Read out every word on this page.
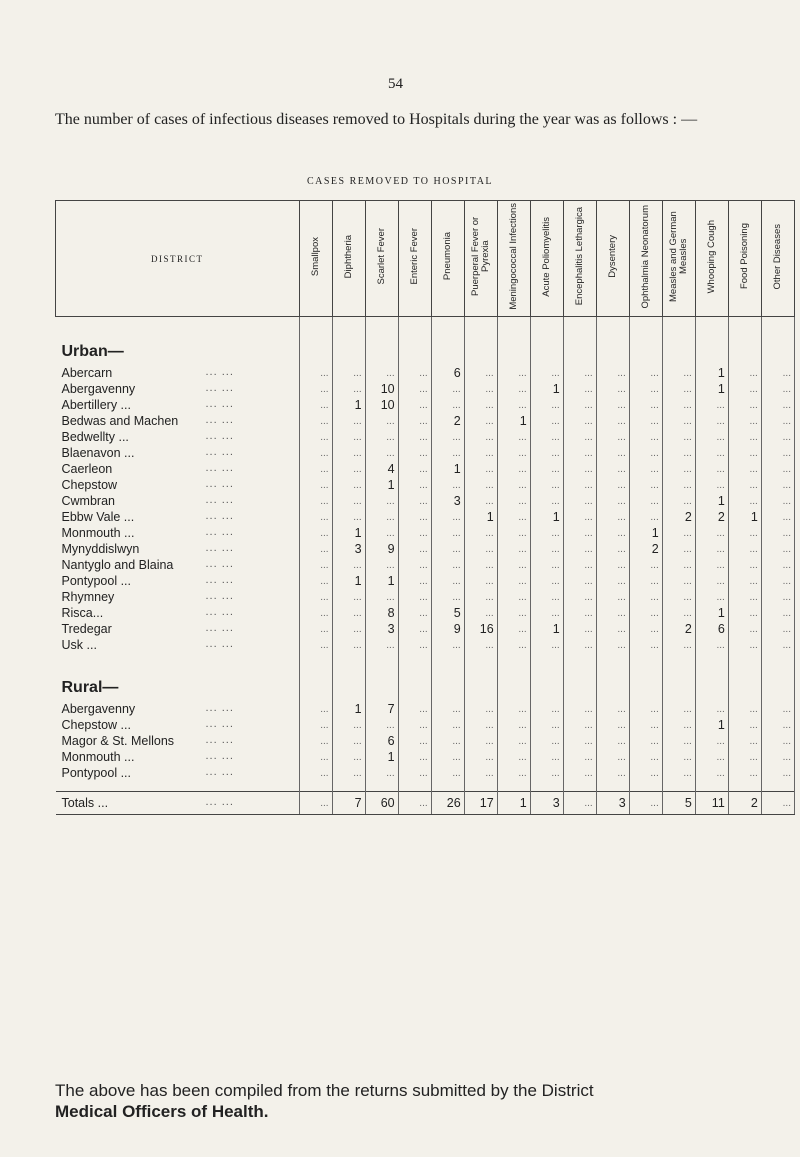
54
The number of cases of infectious diseases removed to Hospitals during the year was as follows : —
CASES REMOVED TO HOSPITAL
DISTRICT	Smallpox	Diphtheria	Scarlet Fever	Enteric Fever	Pneumonia	Puerperal Fever or Pyrexia	Meningococcal Infections	Acute Poliomyelitis	Encephalitis Lethargica	Dysentery	Ophthalmia Neonatorum	Measles and German Measles	Whooping Cough	Food Poisoning	Other Diseases
Urban—															
Abercarn ... ...	...	...	...	...	6	...	...	...	...	...	...	...	1	...	...
Abergavenny ... ...	...	...	10	...	...	...	...	1	...	...	...	...	1	...	...
Abertillery ... ... ...	...	1	10	...	...	...	...	...	...	...	...	...	...	...	...
Bedwas and Machen ... ...	...	...	...	...	2	...	1	...	...	...	...	...	...	...	...
Bedwellty ... ... ...	...	...	...	...	...	...	...	...	...	...	...	...	...	...	...
Blaenavon ... ... ...	...	...	...	...	...	...	...	...	...	...	...	...	...	...	...
Caerleon ... ...	...	...	4	...	1	...	...	...	...	...	...	...	...	...	...
Chepstow ... ...	...	...	1	...	...	...	...	...	...	...	...	...	...	...	...
Cwmbran ... ...	...	...	...	...	3	...	...	...	...	...	...	...	1	...	...
Ebbw Vale ... ... ...	...	...	...	...	...	1	...	1	...	...	...	2	2	1	...
Monmouth ... ... ...	...	1	...	...	...	...	...	...	...	...	1	...	...	...	...
Mynyddislwyn ... ...	...	3	9	...	...	...	...	...	...	...	2	...	...	...	...
Nantyglo and Blaina ... ...	...	...	...	...	...	...	...	...	...	...	...	...	...	...	...
Pontypool ... ... ...	...	1	1	...	...	...	...	...	...	...	...	...	...	...	...
Rhymney ... ...	...	...	...	...	...	...	...	...	...	...	...	...	...	...	...
Risca... ... ...	...	...	8	...	5	...	...	...	...	...	...	...	1	...	...
Tredegar ... ...	...	...	3	...	9	16	...	1	...	...	...	2	6	...	...
Usk ... ... ...	...	...	...	...	...	...	...	...	...	...	...	...	...	...	...
Rural—															
Abergavenny ... ...	...	1	7	...	...	...	...	...	...	...	...	...	...	...	...
Chepstow ... ... ...	...	...	...	...	...	...	...	...	...	...	...	...	1	...	...
Magor & St. Mellons ... ...	...	...	6	...	...	...	...	...	...	...	...	...	...	...	...
Monmouth ... ... ...	...	...	1	...	...	...	...	...	...	...	...	...	...	...	...
Pontypool ... ... ...	...	...	...	...	...	...	...	...	...	...	...	...	...	...	...

Totals ... ... ...	...	7	60	...	26	17	1	3	...	3	...	5	11	2	...
The above has been compiled from the returns submitted by the District
Medical Officers of Health.
